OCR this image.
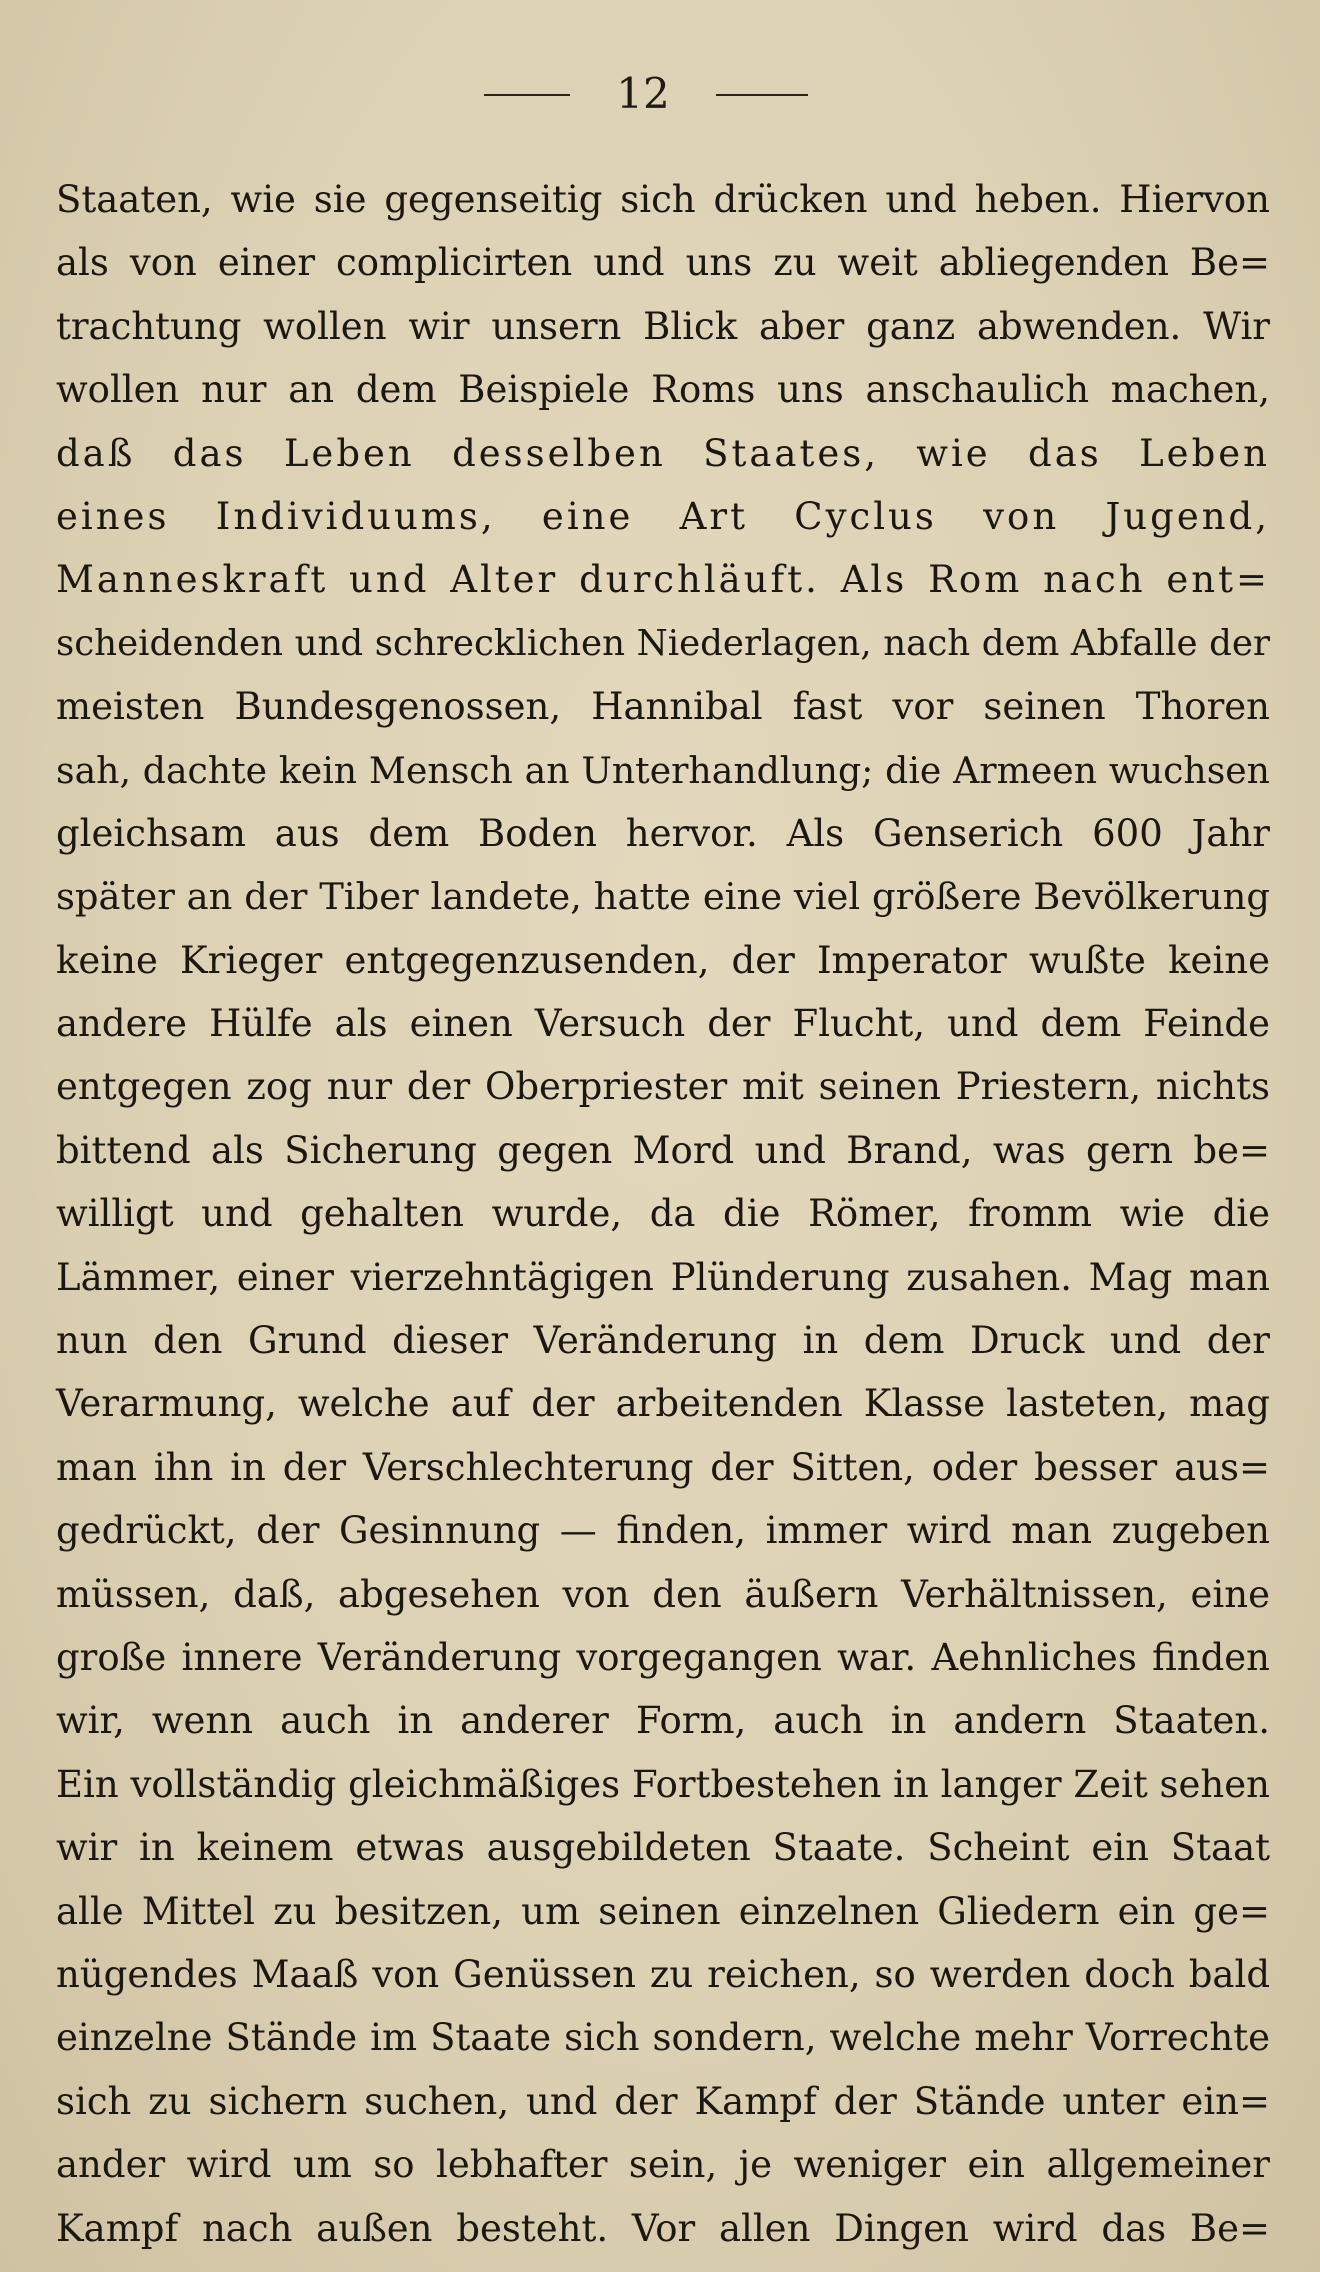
12
Staaten, wie sie gegenseitig sich drücken und heben. Hiervon
als von einer complicirten und uns zu weit abliegenden Be=
trachtung wollen wir unsern Blick aber ganz abwenden. Wir
wollen nur an dem Beispiele Roms uns anschaulich machen,
daß das Leben desselben Staates, wie das Leben
eines Individuums, eine Art Cyclus von Jugend,
Manneskraft und Alter durchläuft. Als Rom nach ent=
scheidenden und schrecklichen Niederlagen, nach dem Abfalle der
meisten Bundesgenossen, Hannibal fast vor seinen Thoren
sah, dachte kein Mensch an Unterhandlung; die Armeen wuchsen
gleichsam aus dem Boden hervor. Als Genserich 600 Jahr
später an der Tiber landete, hatte eine viel größere Bevölkerung
keine Krieger entgegenzusenden, der Imperator wußte keine
andere Hülfe als einen Versuch der Flucht, und dem Feinde
entgegen zog nur der Oberpriester mit seinen Priestern, nichts
bittend als Sicherung gegen Mord und Brand, was gern be=
willigt und gehalten wurde, da die Römer, fromm wie die
Lämmer, einer vierzehntägigen Plünderung zusahen. Mag man
nun den Grund dieser Veränderung in dem Druck und der
Verarmung, welche auf der arbeitenden Klasse lasteten, mag
man ihn in der Verschlechterung der Sitten, oder besser aus=
gedrückt, der Gesinnung — finden, immer wird man zugeben
müssen, daß, abgesehen von den äußern Verhältnissen, eine
große innere Veränderung vorgegangen war. Aehnliches finden
wir, wenn auch in anderer Form, auch in andern Staaten.
Ein vollständig gleichmäßiges Fortbestehen in langer Zeit sehen
wir in keinem etwas ausgebildeten Staate. Scheint ein Staat
alle Mittel zu besitzen, um seinen einzelnen Gliedern ein ge=
nügendes Maaß von Genüssen zu reichen, so werden doch bald
einzelne Stände im Staate sich sondern, welche mehr Vorrechte
sich zu sichern suchen, und der Kampf der Stände unter ein=
ander wird um so lebhafter sein, je weniger ein allgemeiner
Kampf nach außen besteht. Vor allen Dingen wird das Be=
